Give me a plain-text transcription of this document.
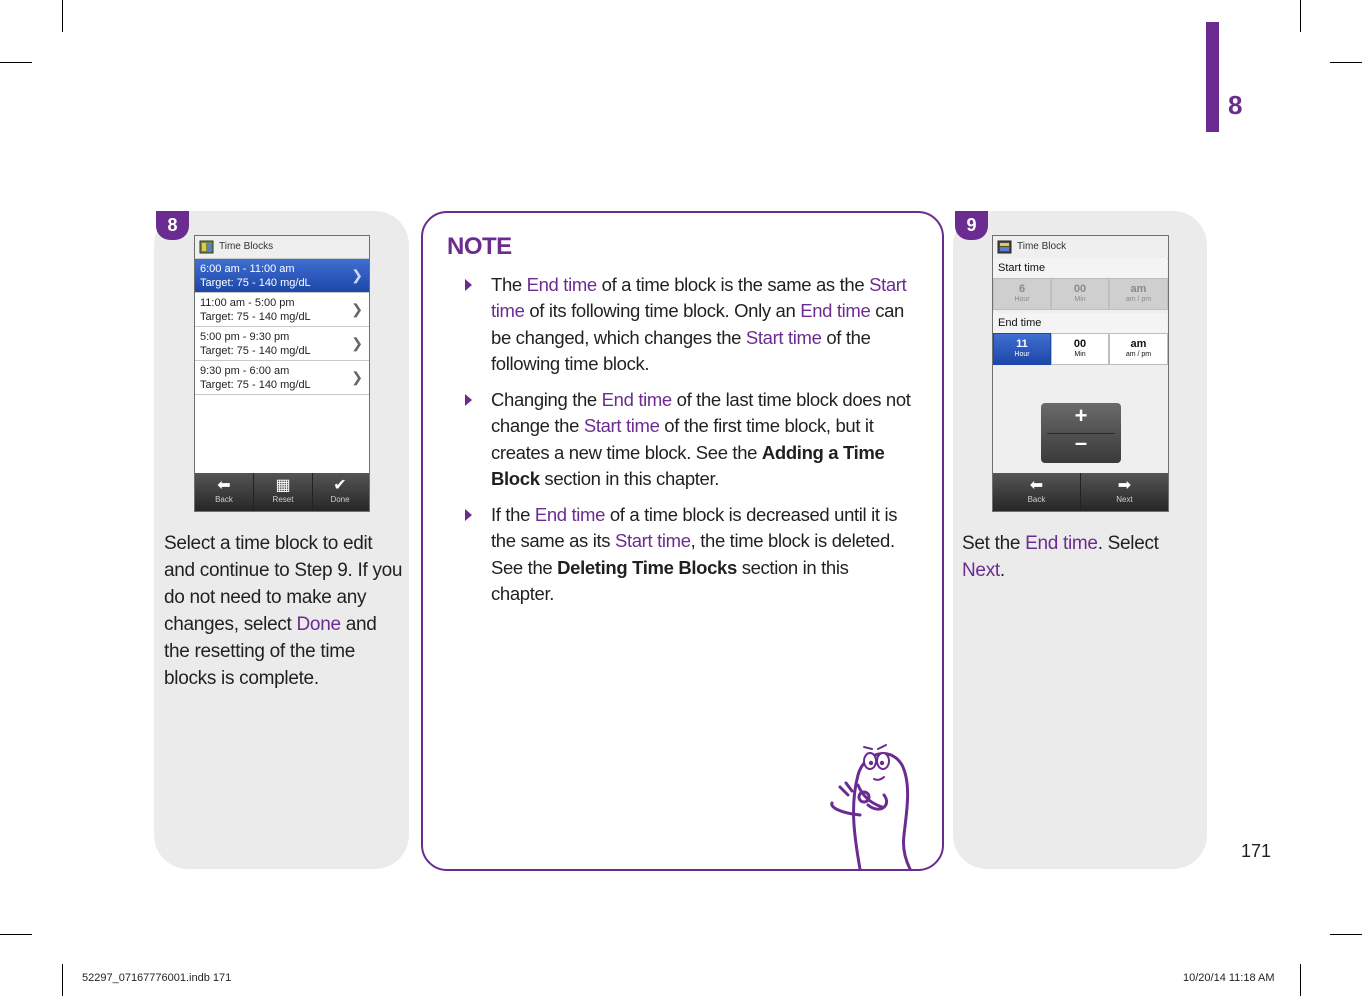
8
8
Time Blocks
6:00 am - 11:00 am
Target: 75 - 140 mg/dL	❯
11:00 am - 5:00 pm
Target: 75 - 140 mg/dL	❯
5:00 pm - 9:30 pm
Target: 75 - 140 mg/dL	❯
9:30 pm - 6:00 am
Target: 75 - 140 mg/dL	❯
⬅
Back
▦
Reset
✔
Done
Select a time block to edit and continue to Step 9. If you do not need to make any changes, select Done and the resetting of the time blocks is complete.
NOTE
The End time of a time block is the same as the Start time of its following time block. Only an End time can be changed, which changes the Start time of the following time block.
Changing the End time of the last time block does not change the Start time of the first time block, but it creates a new time block. See the Adding a Time Block section in this chapter.
If the End time of a time block is decreased until it is the same as its Start time, the time block is deleted. See the Deleting Time Blocks section in this chapter.
9
Time Block
Start time
6
Hour
00
Min
am
am / pm
End time
11
Hour
00
Min
am
am / pm
+
–
⬅
Back
➡
Next
Set the End time. Select Next.
171
52297_07167776001.indb 171	10/20/14 11:18 AM
